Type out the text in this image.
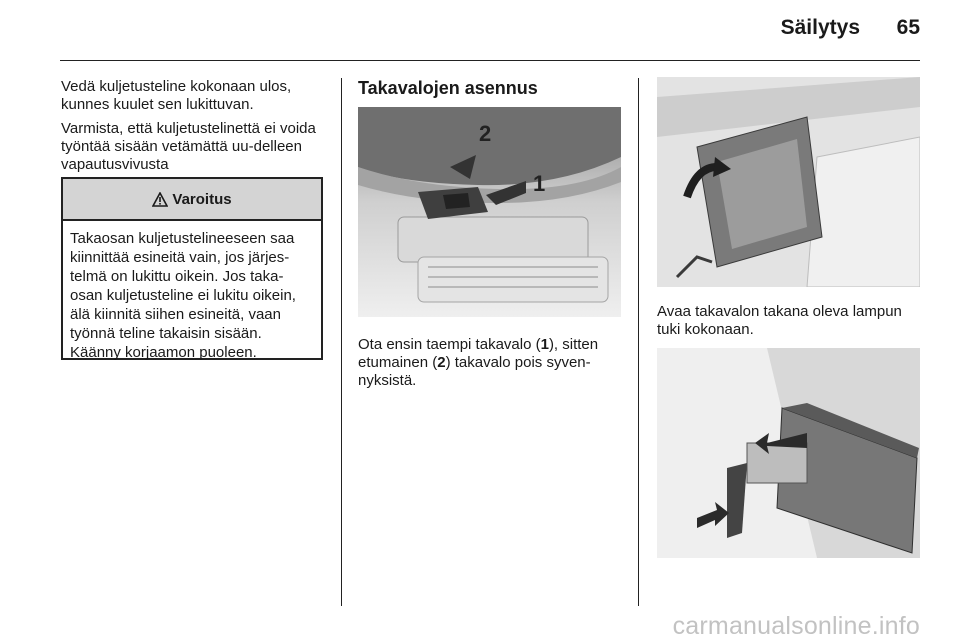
Säilytys	65

Vedä kuljetusteline kokonaan ulos, kunnes kuulet sen lukittuvan.

Varmista, että kuljetustelinettä ei voida työntää sisään vetämättä uu-delleen vapautusvivusta

Varoitus

Takaosan kuljetustelineeseen saa kiinnittää esineitä vain, jos järjes-telmä on lukittu oikein. Jos taka-osan kuljetusteline ei lukitu oikein, älä kiinnitä siihen esineitä, vaan työnnä teline takaisin sisään. Käänny korjaamon puoleen.

Takavalojen asennus
2
1

Ota ensin taempi takavalo (1), sitten etumainen (2) takavalo pois syven-nyksistä.

Avaa takavalon takana oleva lampun tuki kokonaan.

carmanualsonline.info
